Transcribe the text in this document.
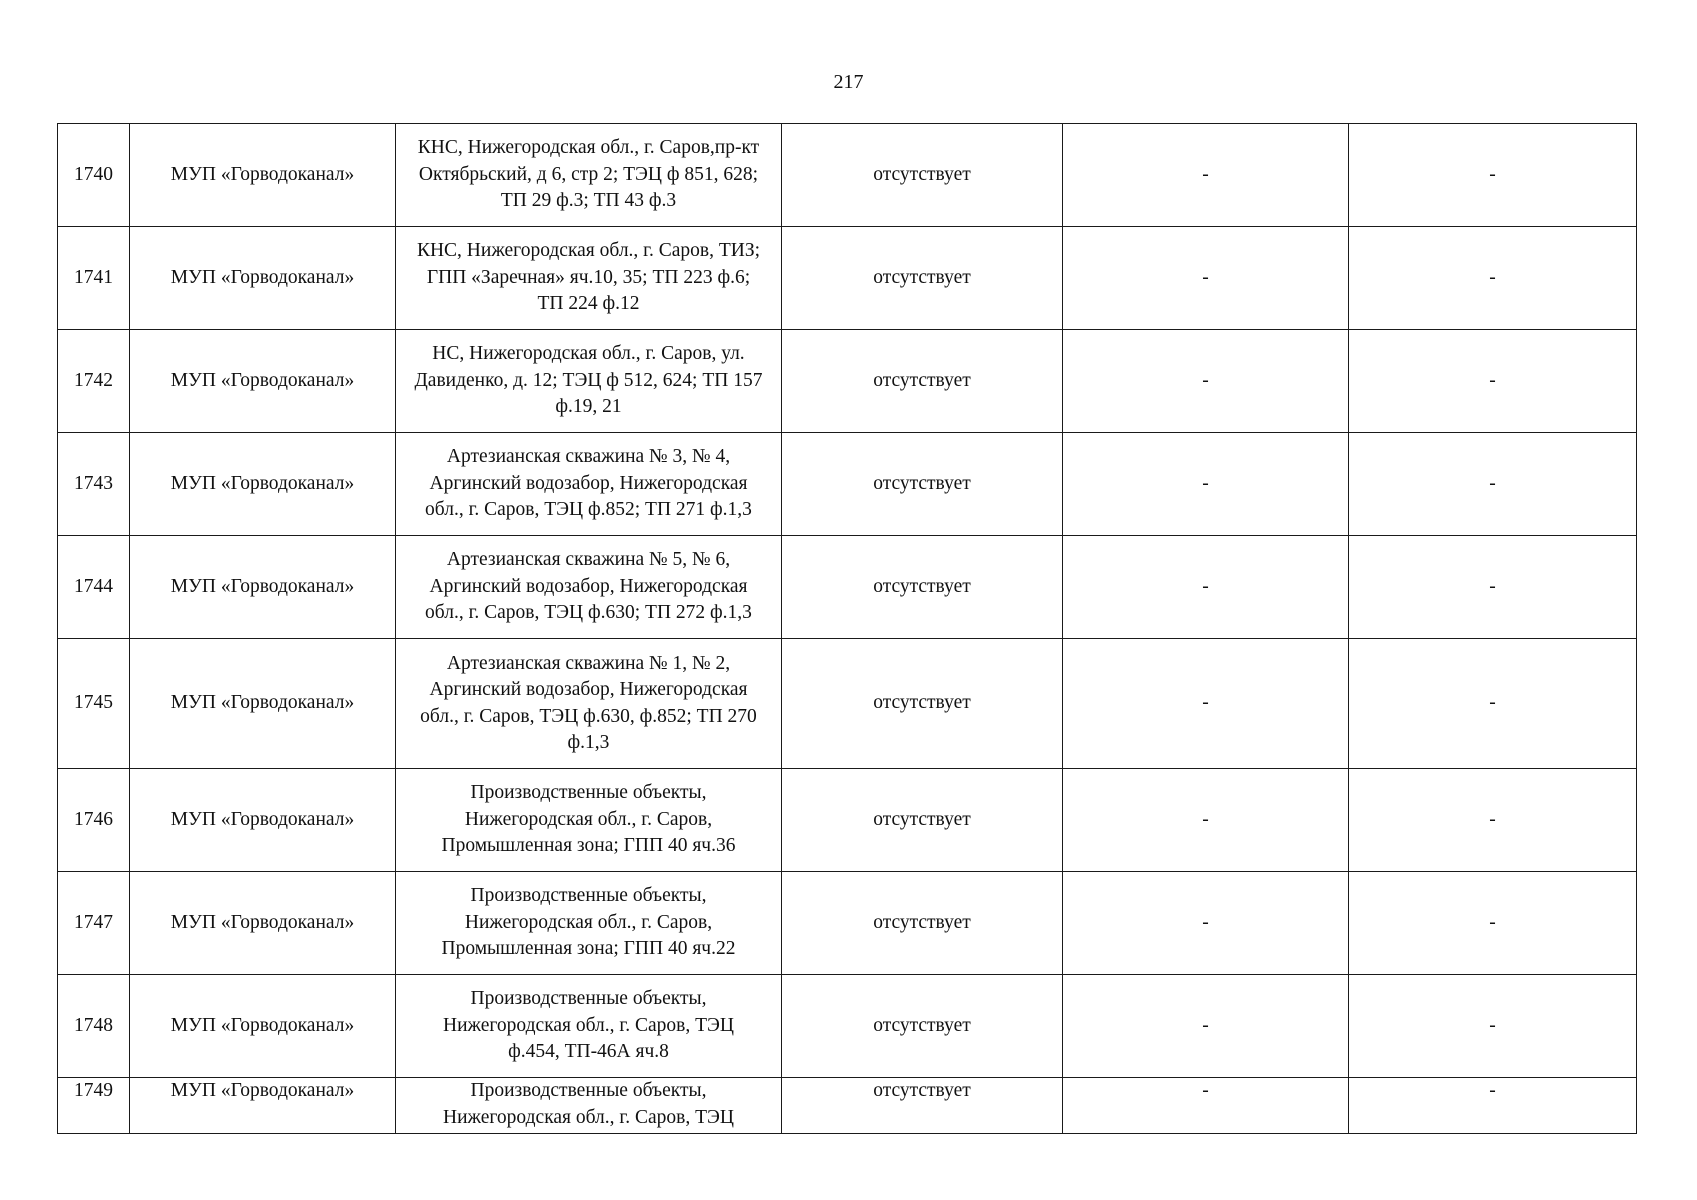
217
1740	МУП «Горводоканал»	КНС, Нижегородская обл., г. Саров,пр-кт
Октябрьский, д 6, стр 2; ТЭЦ ф 851, 628;
ТП 29 ф.3; ТП 43 ф.3	отсутствует	-	-
1741	МУП «Горводоканал»	КНС, Нижегородская обл., г. Саров, ТИЗ;
ГПП «Заречная» яч.10, 35; ТП 223 ф.6;
ТП 224 ф.12	отсутствует	-	-
1742	МУП «Горводоканал»	НС, Нижегородская обл., г. Саров, ул.
Давиденко, д. 12; ТЭЦ ф 512, 624; ТП 157
ф.19, 21	отсутствует	-	-
1743	МУП «Горводоканал»	Артезианская скважина № 3, № 4,
Аргинский водозабор, Нижегородская
обл., г. Саров, ТЭЦ ф.852; ТП 271 ф.1,3	отсутствует	-	-
1744	МУП «Горводоканал»	Артезианская скважина № 5, № 6,
Аргинский водозабор, Нижегородская
обл., г. Саров, ТЭЦ ф.630; ТП 272 ф.1,3	отсутствует	-	-
1745	МУП «Горводоканал»	Артезианская скважина № 1, № 2,
Аргинский водозабор, Нижегородская
обл., г. Саров, ТЭЦ ф.630, ф.852; ТП 270
ф.1,3	отсутствует	-	-
1746	МУП «Горводоканал»	Производственные объекты,
Нижегородская обл., г. Саров,
Промышленная зона; ГПП 40 яч.36	отсутствует	-	-
1747	МУП «Горводоканал»	Производственные объекты,
Нижегородская обл., г. Саров,
Промышленная зона; ГПП 40 яч.22	отсутствует	-	-
1748	МУП «Горводоканал»	Производственные объекты,
Нижегородская обл., г. Саров, ТЭЦ
ф.454, ТП-46А яч.8	отсутствует	-	-
1749	МУП «Горводоканал»	Производственные объекты,
Нижегородская обл., г. Саров, ТЭЦ	отсутствует	-	-
